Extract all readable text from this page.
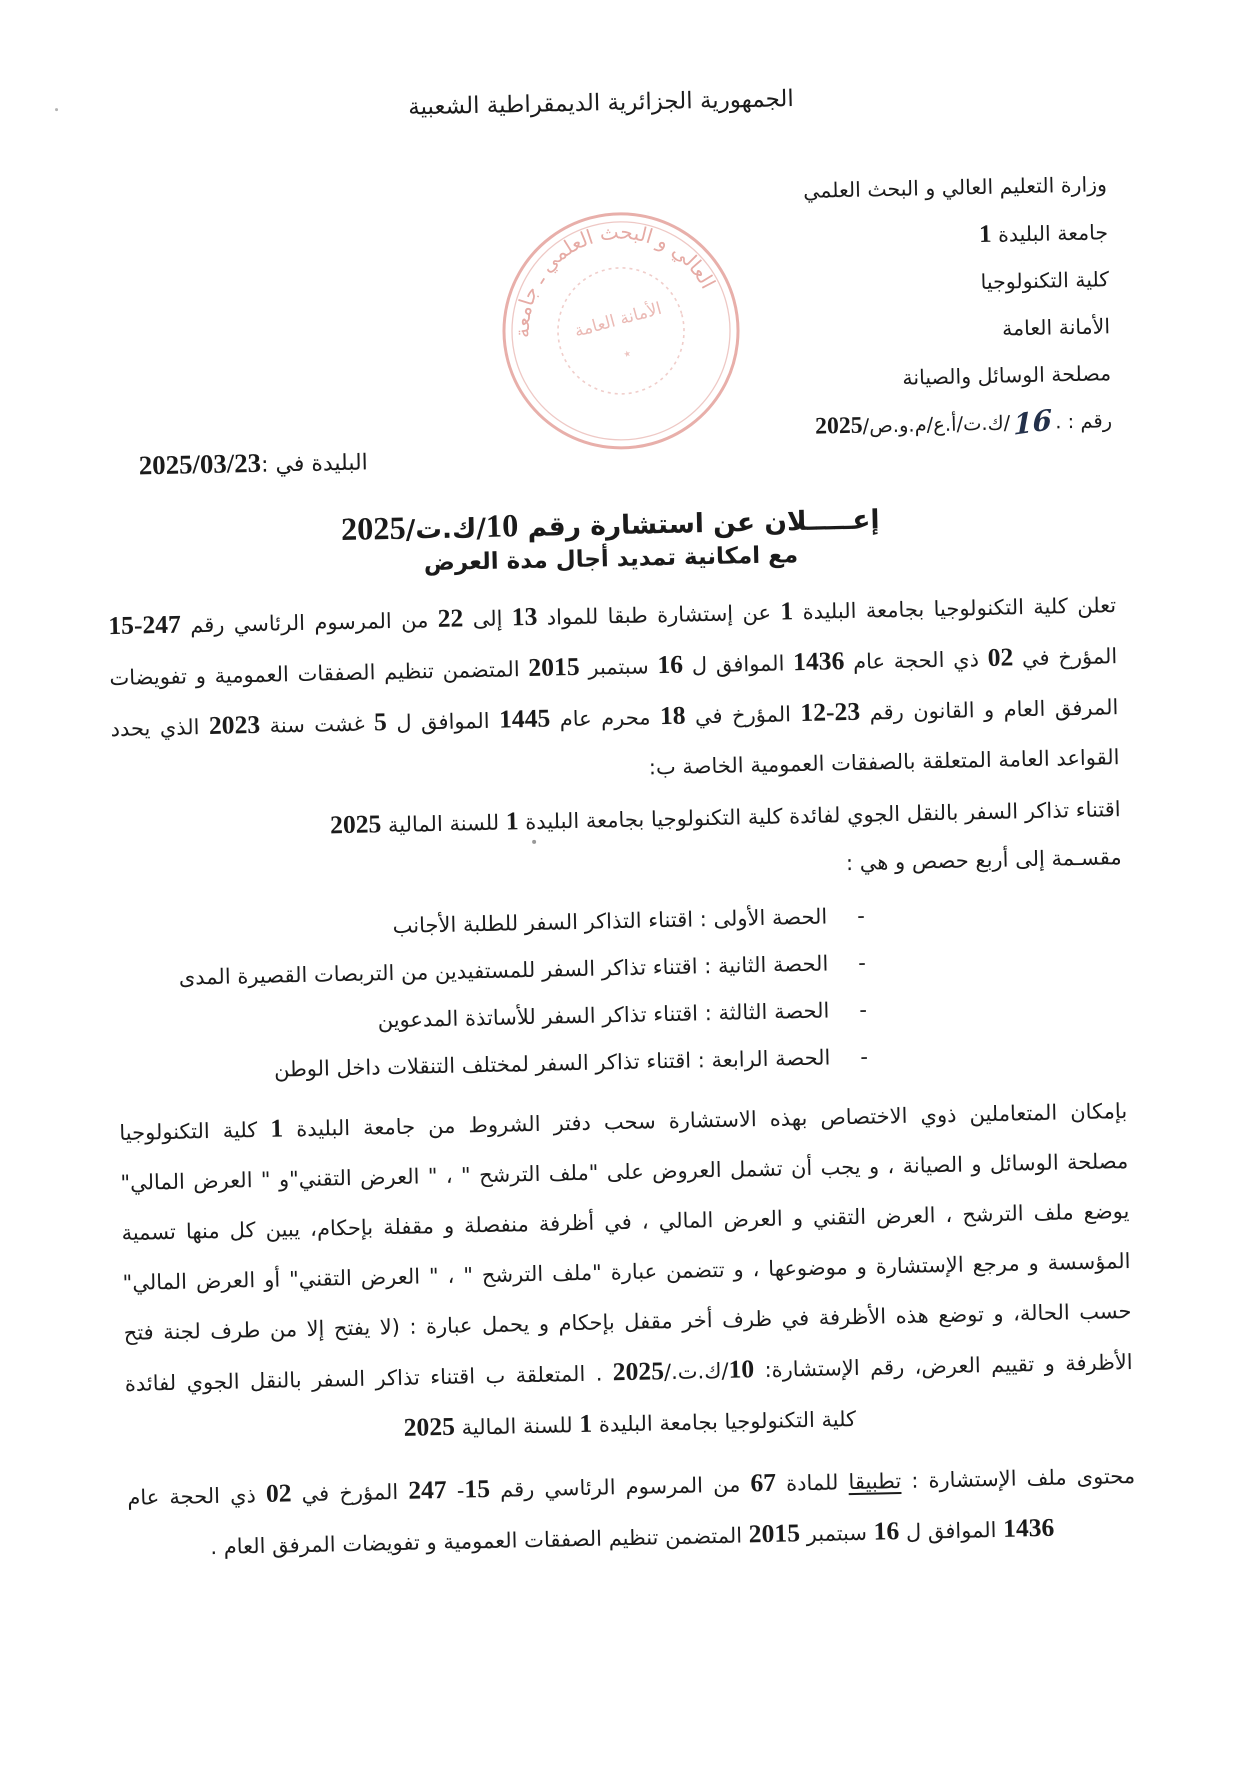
الجمهورية الجزائرية الديمقراطية الشعبية
وزارة التعليم العالي و البحث العلمي
جامعة البليدة 1
كلية التكنولوجيا
الأمانة العامة
مصلحة الوسائل والصيانة
رقم : .16/ك.ت/أ.ع/م.و.ص/2025
العالي و البحث العلمي ـ جامعة
الأمانة العامة
٭
البليدة في :2025/03/23
إعـــــلان عن استشارة رقم 10/ك.ت/2025
مع امكانية تمديد أجال مدة العرض
تعلن كلية التكنولوجيا بجامعة البليدة 1 عن إستشارة طبقا للمواد 13 إلى 22 من المرسوم الرئاسي رقم 247-15
المؤرخ في 02 ذي الحجة عام 1436 الموافق ل 16 سبتمبر 2015 المتضمن تنظيم الصفقات العمومية و تفويضات
المرفق العام و القانون رقم 23-12 المؤرخ في 18 محرم عام 1445 الموافق ل 5 غشت سنة 2023 الذي يحدد
القواعد العامة المتعلقة بالصفقات العمومية الخاصة ب:
اقتناء تذاكر السفر بالنقل الجوي لفائدة كلية التكنولوجيا بجامعة البليدة 1 للسنة المالية 2025
مقسـمة إلى أربع حصص و هي :
-الحصة الأولى : اقتناء التذاكر السفر للطلبة الأجانب
-الحصة الثانية : اقتناء تذاكر السفر للمستفيدين من التربصات القصيرة المدى
-الحصة الثالثة : اقتناء تذاكر السفر للأساتذة المدعوين
-الحصة الرابعة : اقتناء تذاكر السفر لمختلف التنقلات داخل الوطن
بإمكان المتعاملين ذوي الاختصاص بهذه الاستشارة سحب دفتر الشروط من جامعة البليدة 1 كلية التكنولوجيا
مصلحة الوسائل و الصيانة ، و يجب أن تشمل العروض على "ملف الترشح " ، " العرض التقني"و " العرض المالي"
يوضع ملف الترشح ، العرض التقني و العرض المالي ، في أظرفة منفصلة و مقفلة بإحكام، يبين كل منها تسمية
المؤسسة و مرجع الإستشارة و موضوعها ، و تتضمن عبارة "ملف الترشح " ، " العرض التقني" أو العرض المالي"
حسب الحالة، و توضع هذه الأظرفة في ظرف أخر مقفل بإحكام و يحمل عبارة : (لا يفتح إلا من طرف لجنة فتح
الأظرفة و تقييم العرض، رقم الإستشارة: 10/ك.ت./2025 . المتعلقة ب اقتناء تذاكر السفر بالنقل الجوي لفائدة
كلية التكنولوجيا بجامعة البليدة 1 للسنة المالية 2025
محتوى ملف الإستشارة : تطبيقا للمادة 67 من المرسوم الرئاسي رقم 15- 247 المؤرخ في 02 ذي الحجة عام
1436 الموافق ل 16 سبتمبر 2015 المتضمن تنظيم الصفقات العمومية و تفويضات المرفق العام .
